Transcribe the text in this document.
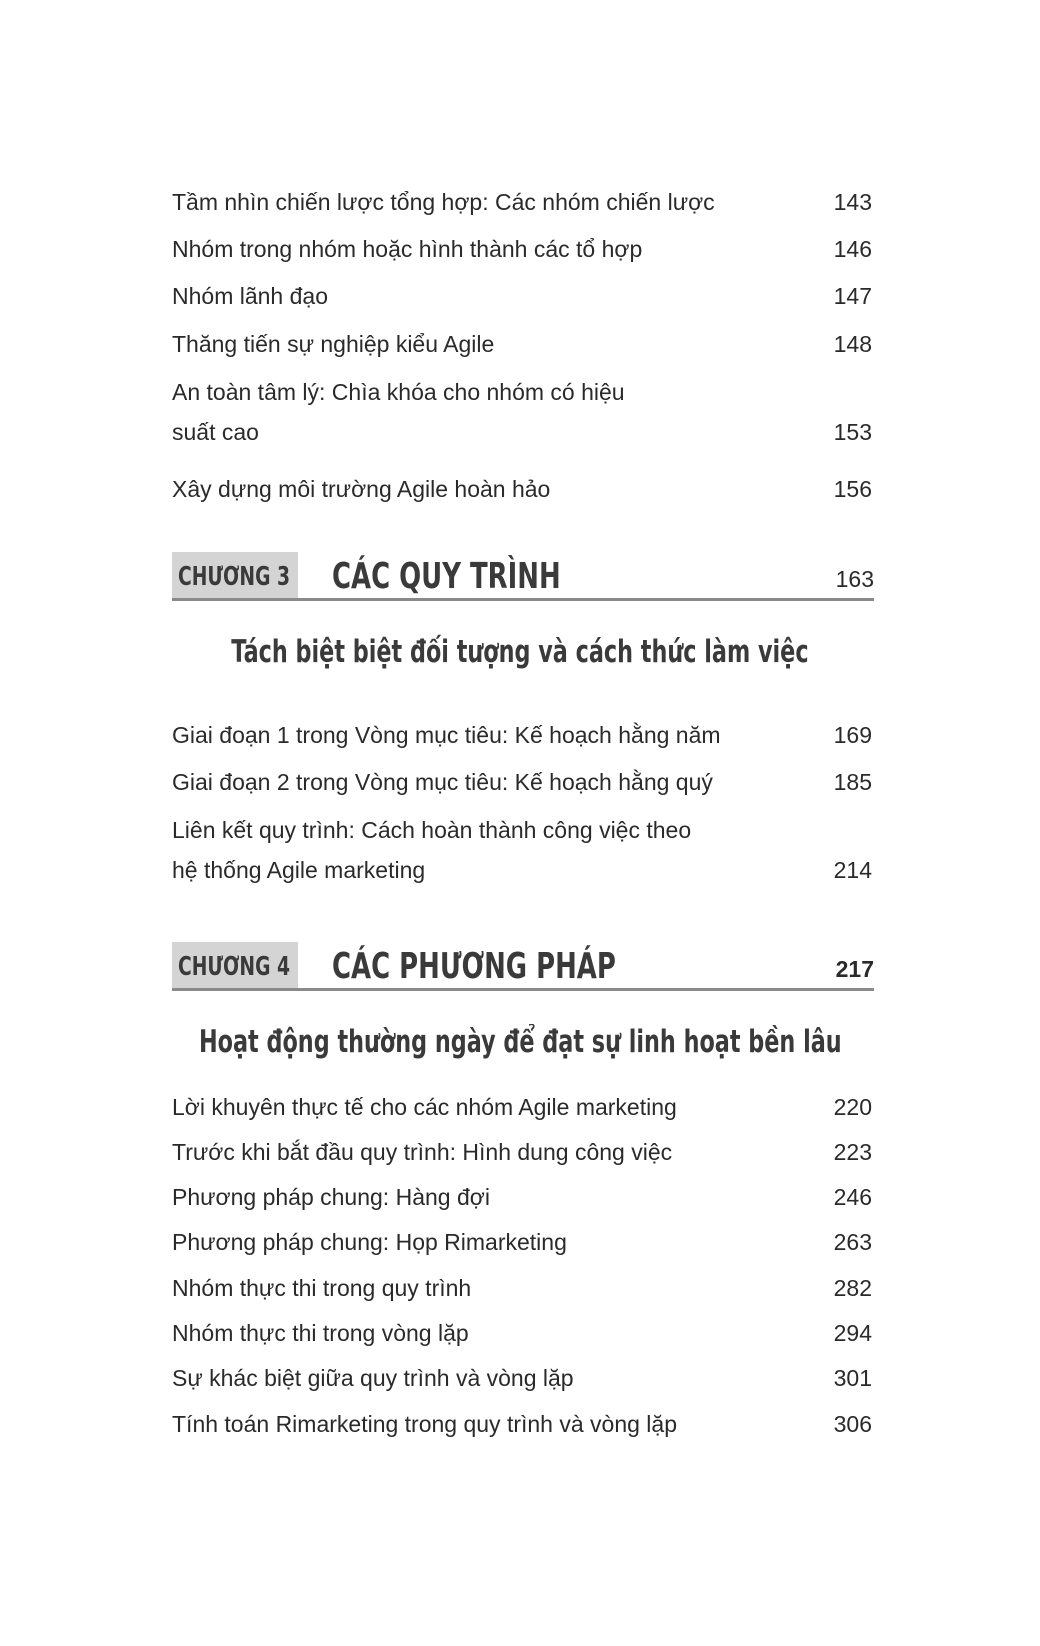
Tầm nhìn chiến lược tổng hợp: Các nhóm chiến lược	143
Nhóm trong nhóm hoặc hình thành các tổ hợp	146
Nhóm lãnh đạo	147
Thăng tiến sự nghiệp kiểu Agile	148
An toàn tâm lý: Chìa khóa cho nhóm có hiệu
suất cao	153
Xây dựng môi trường Agile hoàn hảo	156
Giai đoạn 1 trong Vòng mục tiêu: Kế hoạch hằng năm	169
Giai đoạn 2 trong Vòng mục tiêu: Kế hoạch hằng quý	185
Liên kết quy trình: Cách hoàn thành công việc theo
hệ thống Agile marketing	214
Lời khuyên thực tế cho các nhóm Agile marketing	220
Trước khi bắt đầu quy trình: Hình dung công việc	223
Phương pháp chung: Hàng đợi	246
Phương pháp chung: Họp Rimarketing	263
Nhóm thực thi trong quy trình	282
Nhóm thực thi trong vòng lặp	294
Sự khác biệt giữa quy trình và vòng lặp	301
Tính toán Rimarketing trong quy trình và vòng lặp	306
CHƯƠNG 3 CÁC QUY TRÌNH	163
Tách biệt biệt đối tượng và cách thức làm việc
CHƯƠNG 4 CÁC PHƯƠNG PHÁP	217
Hoạt động thường ngày để đạt sự linh hoạt bền lâu
